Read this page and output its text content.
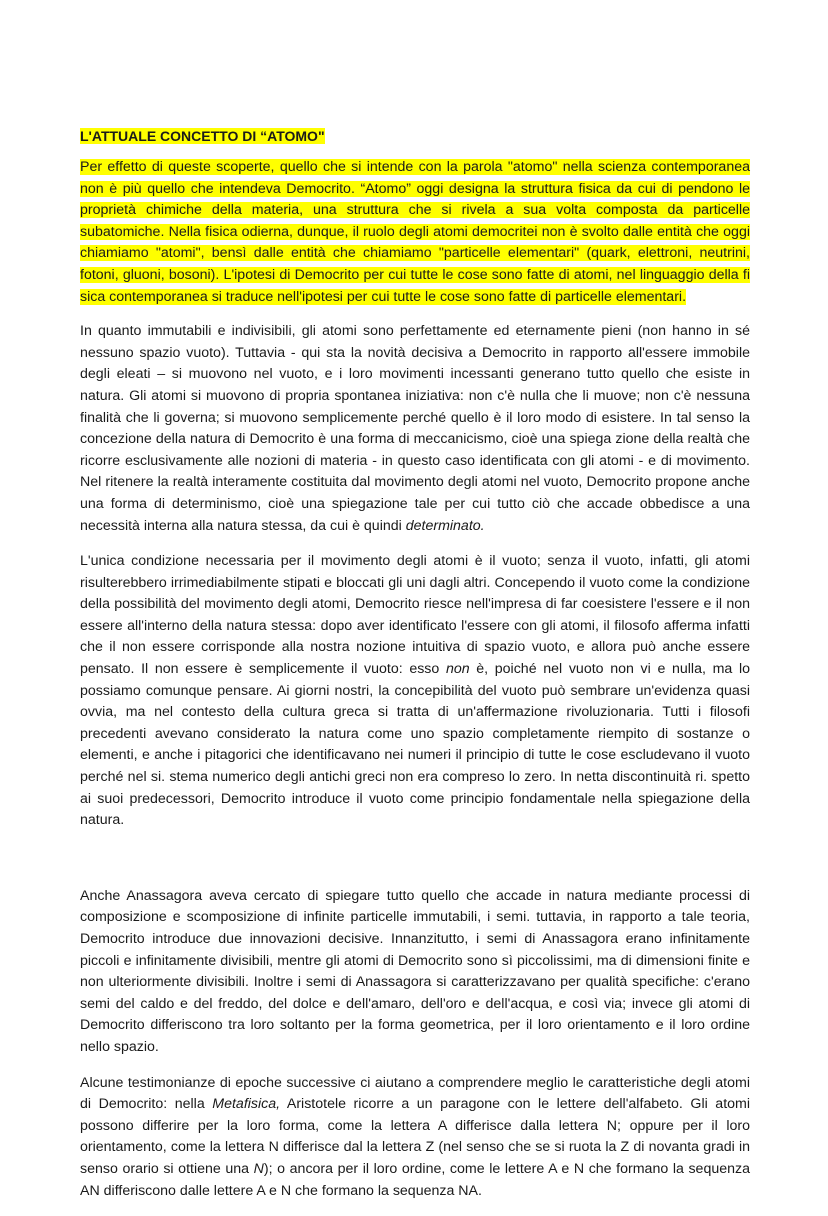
L'ATTUALE CONCETTO DI “ATOMO"

Per effetto di queste scoperte, quello che si intende con la parola "atomo" nella scienza contemporanea non è più quello che intendeva Democrito. “Atomo” oggi designa la struttura fisica da cui di pendono le proprietà chimiche della materia, una struttura che si rivela a sua volta composta da particelle subatomiche. Nella fisica odierna, dunque, il ruolo degli atomi democritei non è svolto dalle entità che oggi chiamiamo "atomi", bensì dalle entità che chiamiamo "particelle elementari" (quark, elettroni, neutrini, fotoni, gluoni, bosoni). L'ipotesi di Democrito per cui tutte le cose sono fatte di atomi, nel linguaggio della fi sica contemporanea si traduce nell'ipotesi per cui tutte le cose sono fatte di particelle elementari.

In quanto immutabili e indivisibili, gli atomi sono perfettamente ed eternamente pieni (non hanno in sé nessuno spazio vuoto). Tuttavia - qui sta la novità decisiva a Democrito in rapporto all'essere immobile degli eleati – si muovono nel vuoto, e i loro movimenti incessanti generano tutto quello che esiste in natura. Gli atomi si muovono di propria spontanea iniziativa: non c'è nulla che li muove; non c'è nessuna finalità che li governa; si muovono semplicemente perché quello è il loro modo di esistere. In tal senso la concezione della natura di Democrito è una forma di meccanicismo, cioè una spiega zione della realtà che ricorre esclusivamente alle nozioni di materia - in questo caso identificata con gli atomi - e di movimento. Nel ritenere la realtà interamente costituita dal movimento degli atomi nel vuoto, Democrito propone anche una forma di determinismo, cioè una spiegazione tale per cui tutto ciò che accade obbedisce a una necessità interna alla natura stessa, da cui è quindi determinato.

L'unica condizione necessaria per il movimento degli atomi è il vuoto; senza il vuoto, infatti, gli atomi risulterebbero irrimediabilmente stipati e bloccati gli uni dagli altri. Concependo il vuoto come la condizione della possibilità del movimento degli atomi, Democrito riesce nell'impresa di far coesistere l'essere e il non essere all'interno della natura stessa: dopo aver identificato l'essere con gli atomi, il filosofo afferma infatti che il non essere corrisponde alla nostra nozione intuitiva di spazio vuoto, e allora può anche essere pensato. Il non essere è semplicemente il vuoto: esso non è, poiché nel vuoto non vi e nulla, ma lo possiamo comunque pensare. Ai giorni nostri, la concepibilità del vuoto può sembrare un'evidenza quasi ovvia, ma nel contesto della cultura greca si tratta di un'affermazione rivoluzionaria. Tutti i filosofi precedenti avevano considerato la natura come uno spazio completamente riempito di sostanze o elementi, e anche i pitagorici che identificavano nei numeri il principio di tutte le cose escludevano il vuoto perché nel si. stema numerico degli antichi greci non era compreso lo zero. In netta discontinuità ri. spetto ai suoi predecessori, Democrito introduce il vuoto come principio fondamentale nella spiegazione della natura.

Anche Anassagora aveva cercato di spiegare tutto quello che accade in natura mediante processi di composizione e scomposizione di infinite particelle immutabili, i semi. tuttavia, in rapporto a tale teoria, Democrito introduce due innovazioni decisive. Innanzitutto, i semi di Anassagora erano infinitamente piccoli e infinitamente divisibili, mentre gli atomi di Democrito sono sì piccolissimi, ma di dimensioni finite e non ulteriormente divisibili. Inoltre i semi di Anassagora si caratterizzavano per qualità specifiche: c'erano semi del caldo e del freddo, del dolce e dell'amaro, dell'oro e dell'acqua, e così via; invece gli atomi di Democrito differiscono tra loro soltanto per la forma geometrica, per il loro orientamento e il loro ordine nello spazio.

Alcune testimonianze di epoche successive ci aiutano a comprendere meglio le caratteristiche degli atomi di Democrito: nella Metafisica, Aristotele ricorre a un paragone con le lettere dell'alfabeto. Gli atomi possono differire per la loro forma, come la lettera A differisce dalla lettera N; oppure per il loro orientamento, come la lettera N differisce dal la lettera Z (nel senso che se si ruota la Z di novanta gradi in senso orario si ottiene una N); o ancora per il loro ordine, come le lettere A e N che formano la sequenza AN differiscono dalle lettere A e N che formano la sequenza NA.
